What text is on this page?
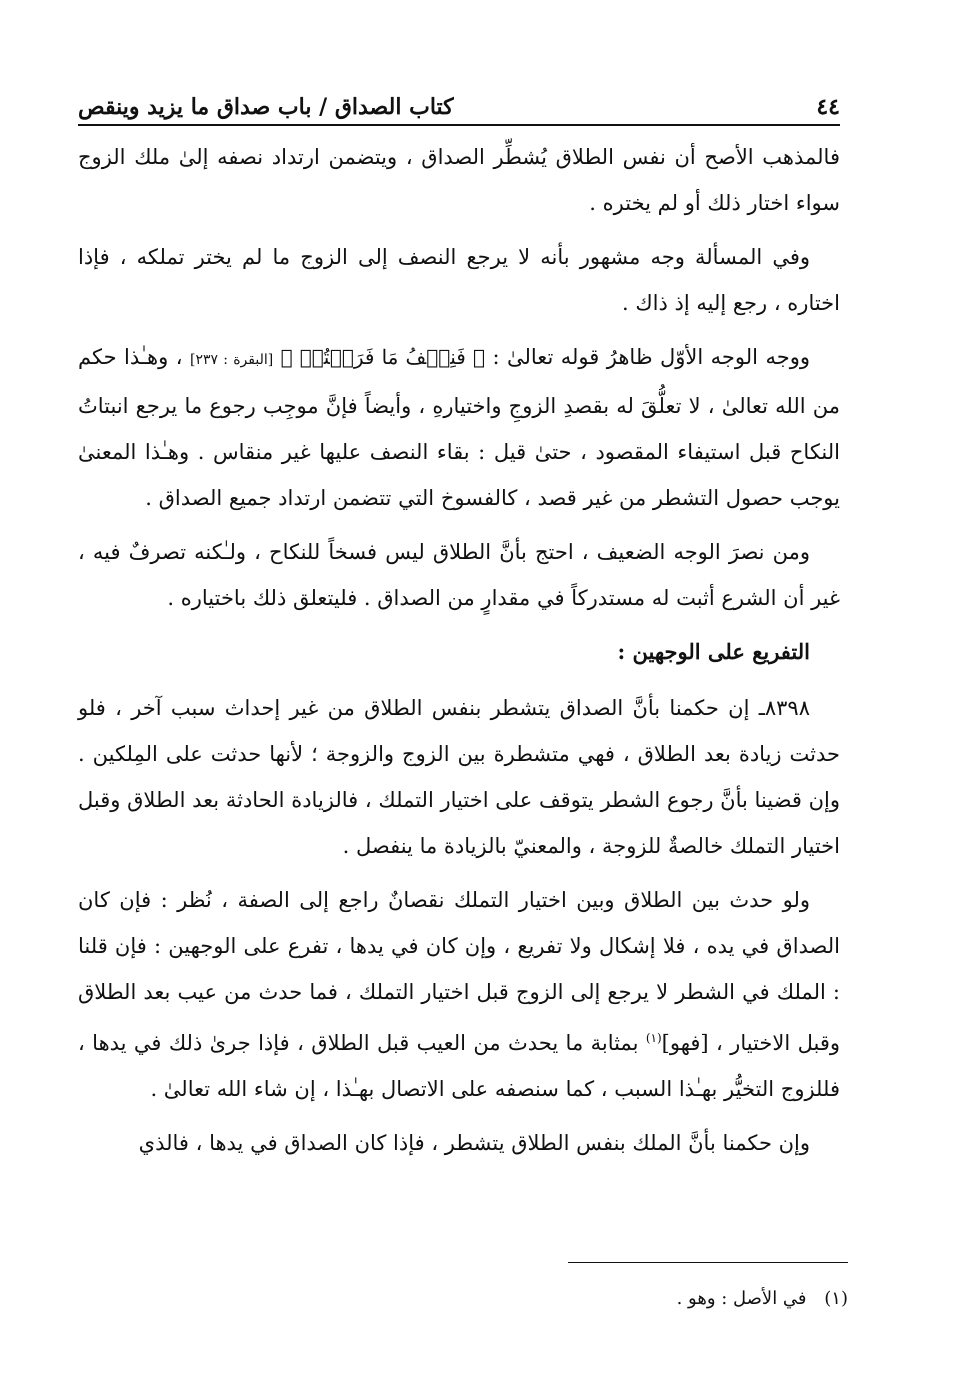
٤٤
كتاب الصداق / باب صداق ما يزيد وينقص

فالمذهب الأصح أن نفس الطلاق يُشطِّر الصداق ، ويتضمن ارتداد نصفه إلىٰ ملك الزوج سواء اختار ذلك أو لم يختره .

وفي المسألة وجه مشهور بأنه لا يرجع النصف إلى الزوج ما لم يختر تملكه ، فإذا اختاره ، رجع إليه إذ ذاك .

ووجه الوجه الأوّل ظاهرُ قوله تعالىٰ : ﴿ فَنِصۡفُ مَا فَرَضۡتُمۡ ﴾ [البقرة : ٢٣٧] ، وهـٰذا حكم من الله تعالىٰ ، لا تعلُّقَ له بقصدِ الزوجِ واختيارهِ ، وأيضاً فإنَّ موجِب رجوع ما يرجع انبتاتُ النكاح قبل استيفاء المقصود ، حتىٰ قيل : بقاء النصف عليها غير منقاس . وهـٰذا المعنىٰ يوجب حصول التشطر من غير قصد ، كالفسوخ التي تتضمن ارتداد جميع الصداق .

ومن نصرَ الوجه الضعيف ، احتج بأنَّ الطلاق ليس فسخاً للنكاح ، ولـٰكنه تصرفٌ فيه ، غير أن الشرع أثبت له مستدركاً في مقدارٍ من الصداق . فليتعلق ذلك باختياره .

التفريع على الوجهين :

٨٣٩٨ـ إن حكمنا بأنَّ الصداق يتشطر بنفس الطلاق من غير إحداث سبب آخر ، فلو حدثت زيادة بعد الطلاق ، فهي متشطرة بين الزوج والزوجة ؛ لأنها حدثت على المِلكين . وإن قضينا بأنَّ رجوع الشطر يتوقف على اختيار التملك ، فالزيادة الحادثة بعد الطلاق وقبل اختيار التملك خالصةٌ للزوجة ، والمعنيّ بالزيادة ما ينفصل .

ولو حدث بين الطلاق وبين اختيار التملك نقصانٌ راجع إلى الصفة ، نُظر : فإن كان الصداق في يده ، فلا إشكال ولا تفريع ، وإن كان في يدها ، تفرع على الوجهين : فإن قلنا : الملك في الشطر لا يرجع إلى الزوج قبل اختيار التملك ، فما حدث من عيب بعد الطلاق وقبل الاختيار ، [فهو]$^{(١)}$ بمثابة ما يحدث من العيب قبل الطلاق ، فإذا جرىٰ ذلك في يدها ، فللزوج التخيُّر بهـٰذا السبب ، كما سنصفه على الاتصال بهـٰذا ، إن شاء الله تعالىٰ .

وإن حكمنا بأنَّ الملك بنفس الطلاق يتشطر ، فإذا كان الصداق في يدها ، فالذي

(١) في الأصل : وهو .
